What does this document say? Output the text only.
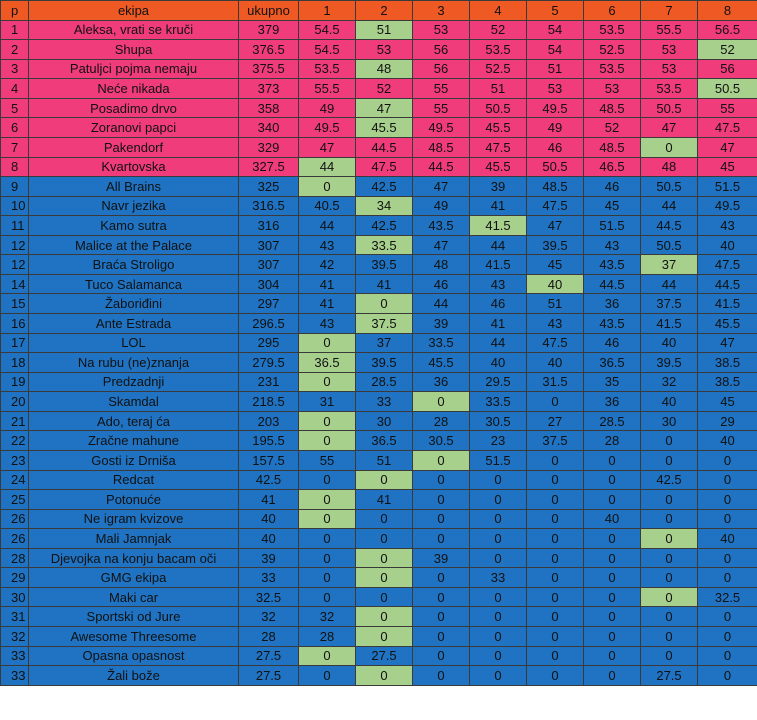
p	ekipa	ukupno	1	2	3	4	5	6	7	8
1	Aleksa, vrati se kruči	379	54.5	51	53	52	54	53.5	55.5	56.5
2	Shupa	376.5	54.5	53	56	53.5	54	52.5	53	52
3	Patuljci pojma nemaju	375.5	53.5	48	56	52.5	51	53.5	53	56
4	Neće nikada	373	55.5	52	55	51	53	53	53.5	50.5
5	Posadimo drvo	358	49	47	55	50.5	49.5	48.5	50.5	55
6	Zoranovi papci	340	49.5	45.5	49.5	45.5	49	52	47	47.5
7	Pakendorf	329	47	44.5	48.5	47.5	46	48.5	0	47
8	Kvartovska	327.5	44	47.5	44.5	45.5	50.5	46.5	48	45
9	All Brains	325	0	42.5	47	39	48.5	46	50.5	51.5
10	Navr jezika	316.5	40.5	34	49	41	47.5	45	44	49.5
11	Kamo sutra	316	44	42.5	43.5	41.5	47	51.5	44.5	43
12	Malice at the Palace	307	43	33.5	47	44	39.5	43	50.5	40
12	Braća Stroligo	307	42	39.5	48	41.5	45	43.5	37	47.5
14	Tuco Salamanca	304	41	41	46	43	40	44.5	44	44.5
15	Žaboriđini	297	41	0	44	46	51	36	37.5	41.5
16	Ante Estrada	296.5	43	37.5	39	41	43	43.5	41.5	45.5
17	LOL	295	0	37	33.5	44	47.5	46	40	47
18	Na rubu (ne)znanja	279.5	36.5	39.5	45.5	40	40	36.5	39.5	38.5
19	Predzadnji	231	0	28.5	36	29.5	31.5	35	32	38.5
20	Skamdal	218.5	31	33	0	33.5	0	36	40	45
21	Ado, teraj ća	203	0	30	28	30.5	27	28.5	30	29
22	Zračne mahune	195.5	0	36.5	30.5	23	37.5	28	0	40
23	Gosti iz Drniša	157.5	55	51	0	51.5	0	0	0	0
24	Redcat	42.5	0	0	0	0	0	0	42.5	0
25	Potonuće	41	0	41	0	0	0	0	0	0
26	Ne igram kvizove	40	0	0	0	0	0	40	0	0
26	Mali Jamnjak	40	0	0	0	0	0	0	0	40
28	Djevojka na konju bacam oči	39	0	0	39	0	0	0	0	0
29	GMG ekipa	33	0	0	0	33	0	0	0	0
30	Maki car	32.5	0	0	0	0	0	0	0	32.5
31	Sportski od Jure	32	32	0	0	0	0	0	0	0
32	Awesome Threesome	28	28	0	0	0	0	0	0	0
33	Opasna opasnost	27.5	0	27.5	0	0	0	0	0	0
33	Žali bože	27.5	0	0	0	0	0	0	27.5	0
